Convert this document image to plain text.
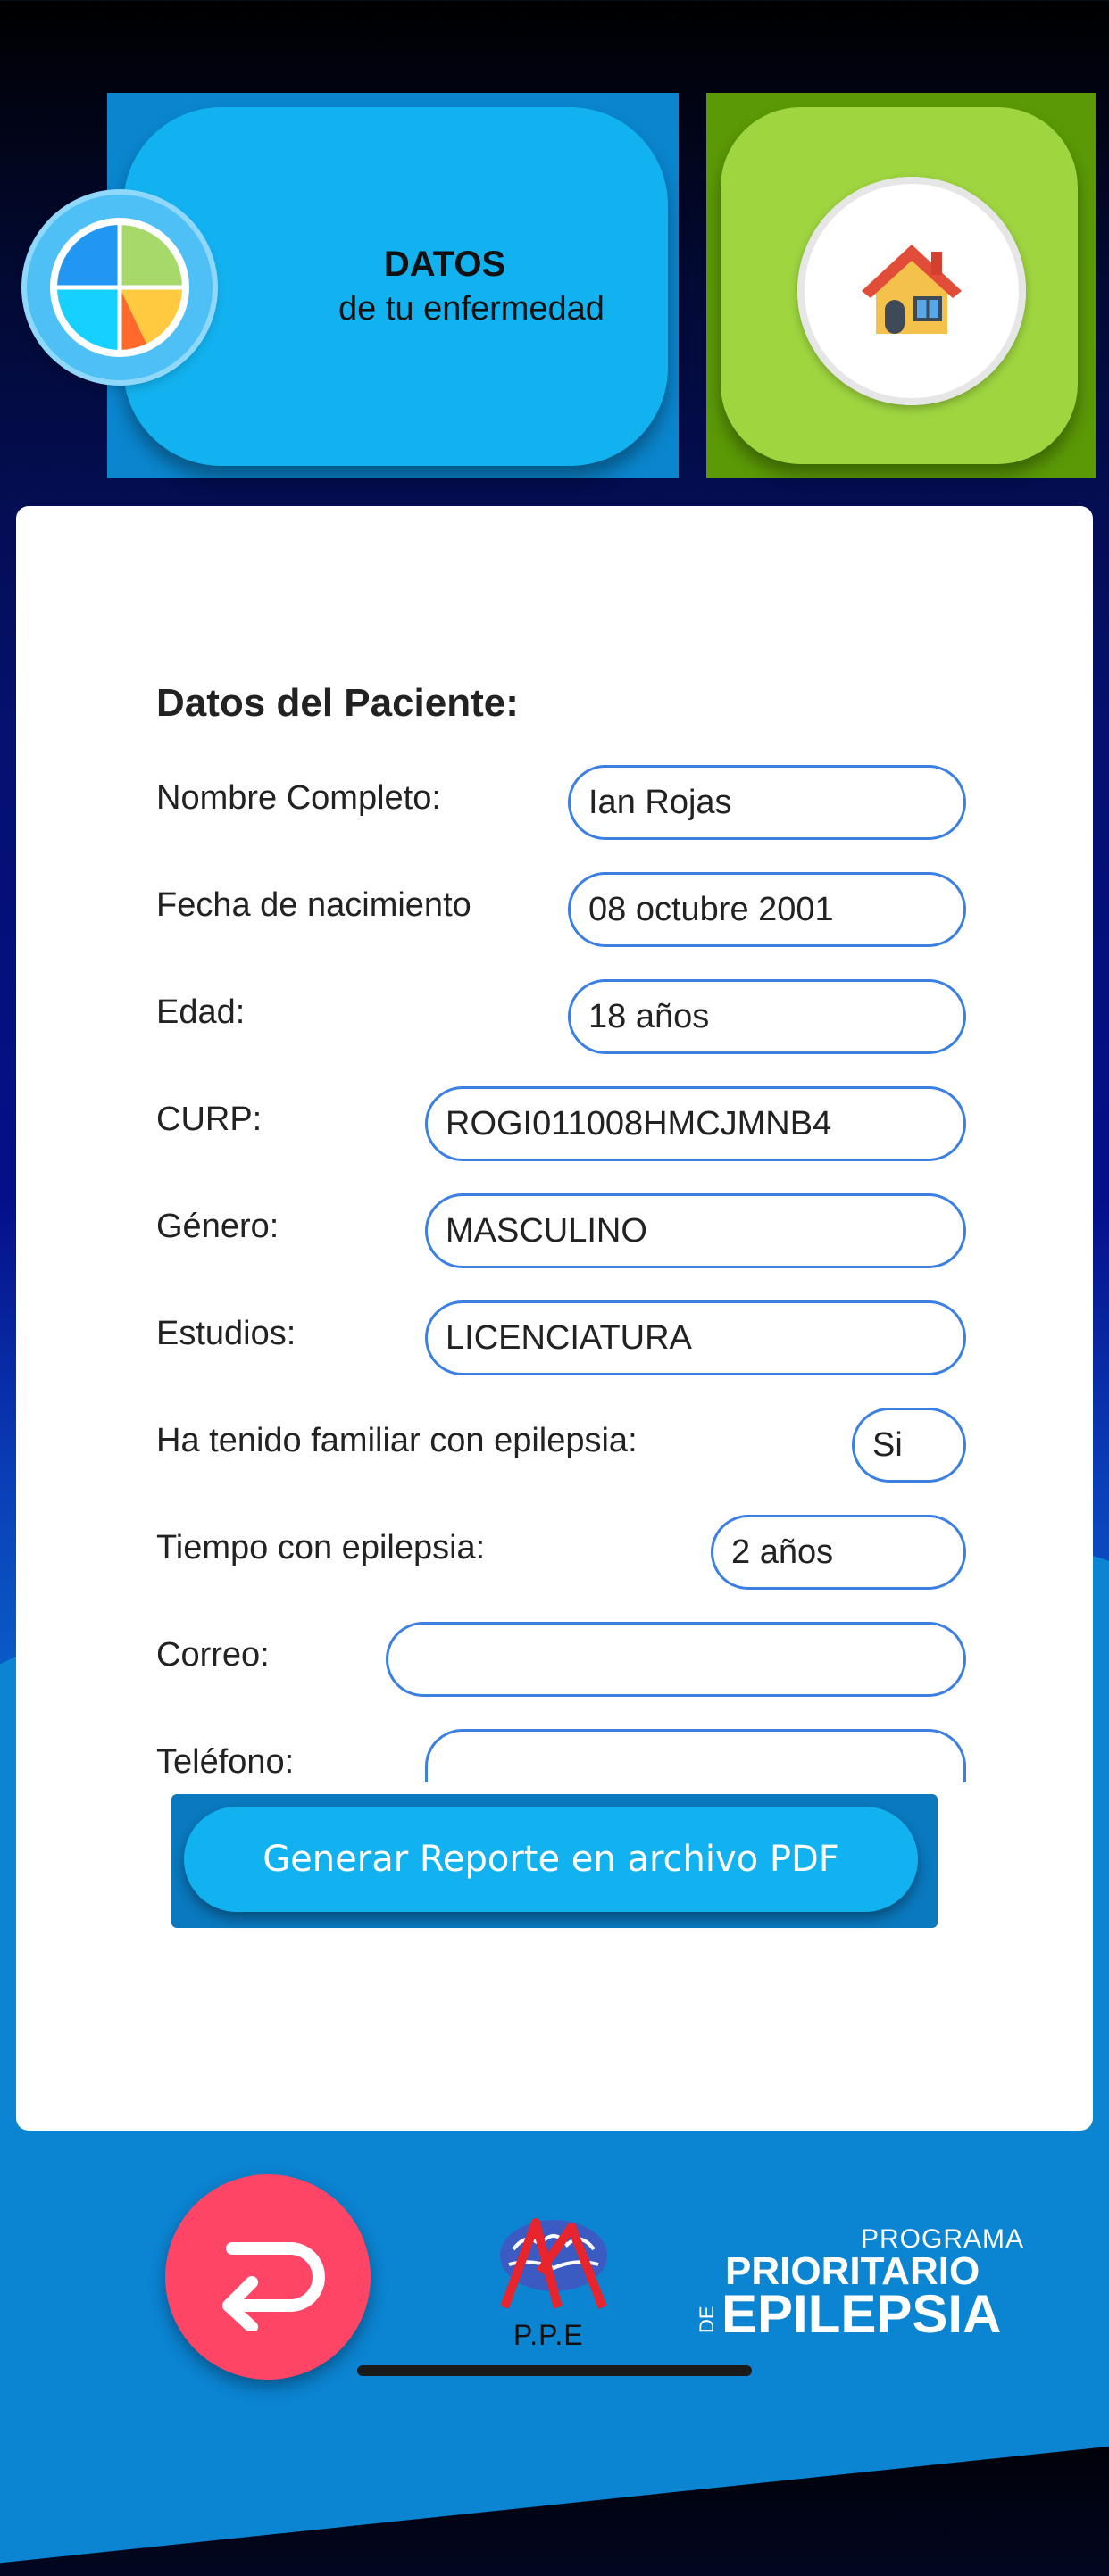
DATOS
de tu enfermedad
Datos del Paciente:
Nombre Completo:
Ian Rojas
Fecha de nacimiento
08 octubre 2001
Edad:
18 años
CURP:
ROGI011008HMCJMNB4
Género:
MASCULINO
Estudios:
LICENCIATURA
Ha tenido familiar con epilepsia:
Si
Tiempo con epilepsia:
2 años
Correo:
Teléfono:
Generar Reporte en archivo PDF
P.P.E
PROGRAMA
PRIORITARIO
DE EPILEPSIA
